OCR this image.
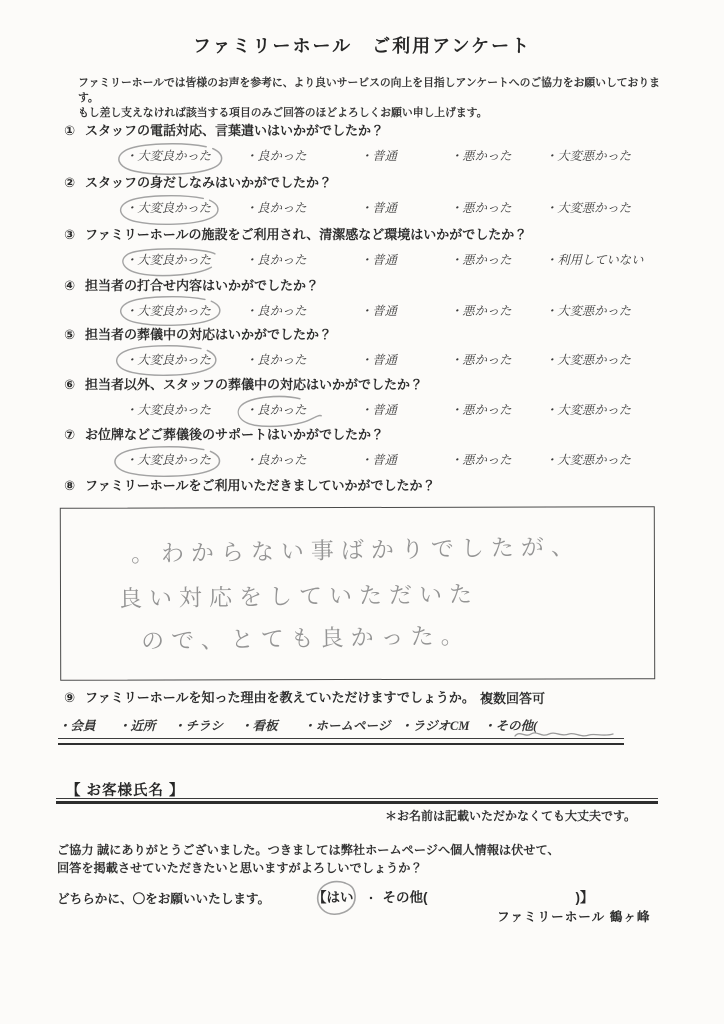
ファミリーホール　ご利用アンケート

ファミリーホールでは皆様のお声を参考に、より良いサービスの向上を目指しアンケートへのご協力をお願いしております。
もし差し支えなければ該当する項目のみご回答のほどよろしくお願い申し上げます。

① スタッフの電話対応、言葉遣いはいかがでしたか？
・大変良かった	・良かった	・普通	・悪かった	・大変悪かった
② スタッフの身だしなみはいかがでしたか？
・大変良かった	・良かった	・普通	・悪かった	・大変悪かった
③ ファミリーホールの施設をご利用され、清潔感など環境はいかがでしたか？
・大変良かった	・良かった	・普通	・悪かった	・利用していない
④ 担当者の打合せ内容はいかがでしたか？
・大変良かった	・良かった	・普通	・悪かった	・大変悪かった
⑤ 担当者の葬儀中の対応はいかがでしたか？
・大変良かった	・良かった	・普通	・悪かった	・大変悪かった
⑥ 担当者以外、スタッフの葬儀中の対応はいかがでしたか？
・大変良かった	・良かった	・普通	・悪かった	・大変悪かった
⑦ お位牌などご葬儀後のサポートはいかがでしたか？
・大変良かった	・良かった	・普通	・悪かった	・大変悪かった
⑧ ファミリーホールをご利用いただきましていかがでしたか？
。わからない事ばかりでしたが、
良い対応をしていただいた
ので、とても良かった。
⑨ ファミリーホールを知った理由を教えていただけますでしょうか。 複数回答可
・会員	・近所	・チラシ	・看板	・ホームページ ・ラジオCM	・その他(
【 お客様氏名 】
＊お名前は記載いただかなくても大丈夫です。
ご協力 誠にありがとうございました。つきましては弊社ホームページへ個人情報は伏せて、
回答を掲載させていただきたいと思いますがよろしいでしょうか？
どちらかに、〇をお願いいたします。	【はい ・ その他(	)】
ファミリーホール 鶴ヶ峰
